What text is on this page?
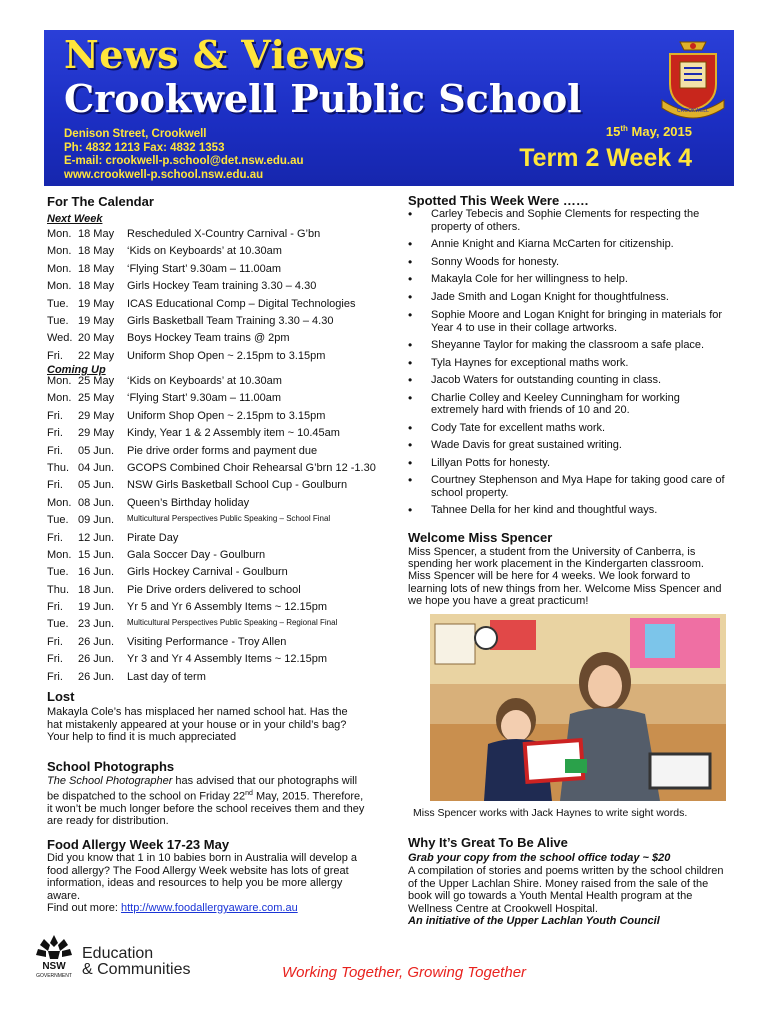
News & Views
Crookwell Public School
Denison Street, Crookwell
Ph: 4832 1213 Fax: 4832 1353
E-mail: crookwell-p.school@det.nsw.edu.au
www.crookwell-p.school.nsw.edu.au
15th May, 2015
Term 2 Week 4
CROOKWELL
For The Calendar
Next Week
Mon. 18 May Rescheduled X-Country Carnival - G’bn
Mon. 18 May ‘Kids on Keyboards’ at 10.30am
Mon. 18 May ‘Flying Start’ 9.30am – 11.00am
Mon. 18 May Girls Hockey Team training 3.30 – 4.30
Tue. 19 May ICAS Educational Comp – Digital Technologies
Tue. 19 May Girls Basketball Team Training 3.30 – 4.30
Wed. 20 May Boys Hockey Team trains @ 2pm
Fri. 22 May Uniform Shop Open ~ 2.15pm to 3.15pm
Coming Up
Mon. 25 May ‘Kids on Keyboards’ at 10.30am
Mon. 25 May ‘Flying Start’ 9.30am – 11.00am
Fri. 29 May Uniform Shop Open ~ 2.15pm to 3.15pm
Fri. 29 May Kindy, Year 1 & 2 Assembly item ~ 10.45am
Fri. 05 Jun. Pie drive order forms and payment due
Thu. 04 Jun. GCOPS Combined Choir Rehearsal G’brn 12 -1.30
Fri. 05 Jun. NSW Girls Basketball School Cup - Goulburn
Mon. 08 Jun. Queen’s Birthday holiday
Tue. 09 Jun. Multicultural Perspectives Public Speaking – School Final
Fri. 12 Jun. Pirate Day
Mon. 15 Jun. Gala Soccer Day - Goulburn
Tue. 16 Jun. Girls Hockey Carnival - Goulburn
Thu. 18 Jun. Pie Drive orders delivered to school
Fri. 19 Jun. Yr 5 and Yr 6 Assembly Items ~ 12.15pm
Tue. 23 Jun. Multicultural Perspectives Public Speaking – Regional Final
Fri. 26 Jun. Visiting Performance - Troy Allen
Fri. 26 Jun. Yr 3 and Yr 4 Assembly Items ~ 12.15pm
Fri. 26 Jun. Last day of term
Lost
Makayla Cole’s has misplaced her named school hat. Has the hat mistakenly appeared at your house or in your child’s bag? Your help to find it is much appreciated
School Photographs
The School Photographer has advised that our photographs will be dispatched to the school on Friday 22nd May, 2015. Therefore, it won’t be much longer before the school receives them and they are ready for distribution.
Food Allergy Week 17-23 May
Did you know that 1 in 10 babies born in Australia will develop a food allergy? The Food Allergy Week website has lots of great information, ideas and resources to help you be more allergy aware.
Find out more: http://www.foodallergyaware.com.au
Spotted This Week Were ……
• Carley Tebecis and Sophie Clements for respecting the property of others.
• Annie Knight and Kiarna McCarten for citizenship.
• Sonny Woods for honesty.
• Makayla Cole for her willingness to help.
• Jade Smith and Logan Knight for thoughtfulness.
• Sophie Moore and Logan Knight for bringing in materials for Year 4 to use in their collage artworks.
• Sheyanne Taylor for making the classroom a safe place.
• Tyla Haynes for exceptional maths work.
• Jacob Waters for outstanding counting in class.
• Charlie Colley and Keeley Cunningham for working extremely hard with friends of 10 and 20.
• Cody Tate for excellent maths work.
• Wade Davis for great sustained writing.
• Lillyan Potts for honesty.
• Courtney Stephenson and Mya Hape for taking good care of school property.
• Tahnee Della for her kind and thoughtful ways.
Welcome Miss Spencer
Miss Spencer, a student from the University of Canberra, is spending her work placement in the Kindergarten classroom. Miss Spencer will be here for 4 weeks. We look forward to learning lots of new things from her. Welcome Miss Spencer and we hope you have a great practicum!
Miss Spencer works with Jack Haynes to write sight words.
Why It’s Great To Be Alive
Grab your copy from the school office today ~ $20
A compilation of stories and poems written by the school children of the Upper Lachlan Shire. Money raised from the sale of the book will go towards a Youth Mental Health program at the Wellness Centre at Crookwell Hospital.
An initiative of the Upper Lachlan Youth Council
NSW
GOVERNMENT
Education
& Communities	Working Together, Growing Together
